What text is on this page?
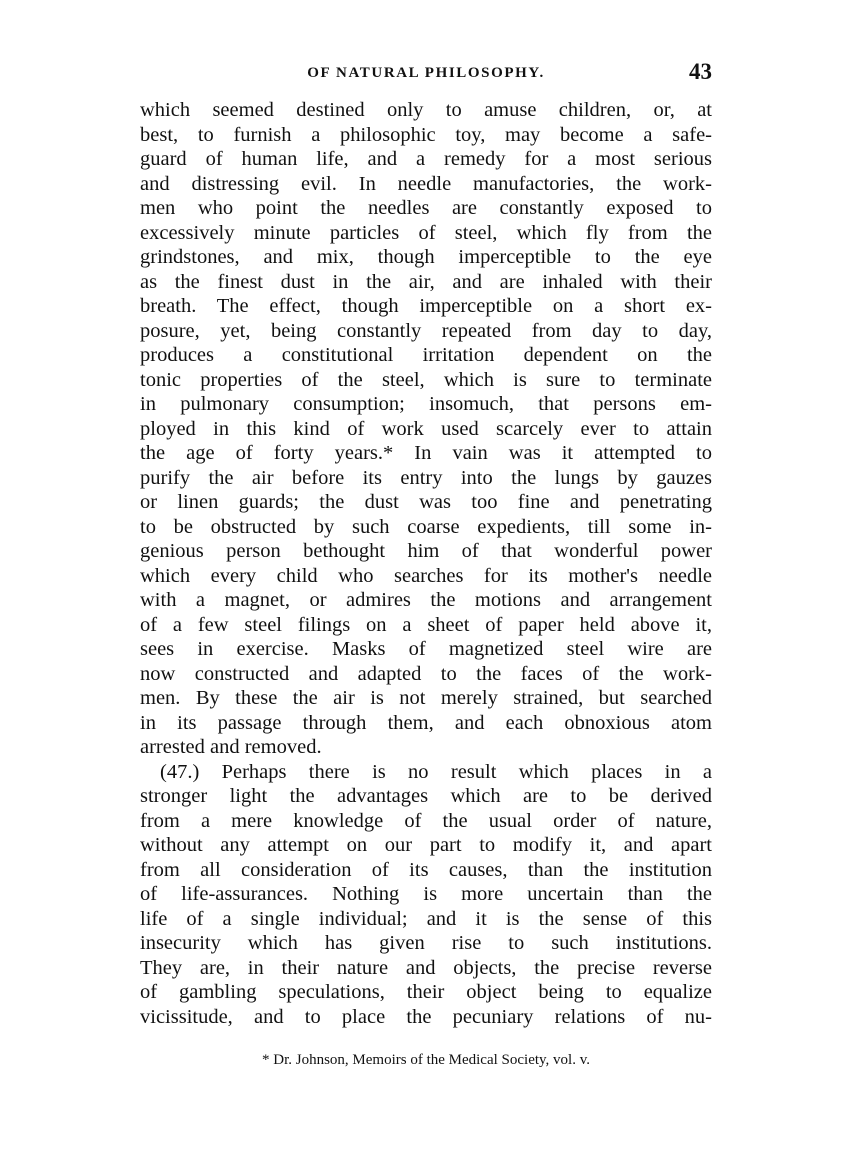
OF NATURAL PHILOSOPHY.	43
which seemed destined only to amuse children, or, at
best, to furnish a philosophic toy, may become a safe-
guard of human life, and a remedy for a most serious
and distressing evil. In needle manufactories, the work-
men who point the needles are constantly exposed to
excessively minute particles of steel, which fly from the
grindstones, and mix, though imperceptible to the eye
as the finest dust in the air, and are inhaled with their
breath. The effect, though imperceptible on a short ex-
posure, yet, being constantly repeated from day to day,
produces a constitutional irritation dependent on the
tonic properties of the steel, which is sure to terminate
in pulmonary consumption; insomuch, that persons em-
ployed in this kind of work used scarcely ever to attain
the age of forty years.* In vain was it attempted to
purify the air before its entry into the lungs by gauzes
or linen guards; the dust was too fine and penetrating
to be obstructed by such coarse expedients, till some in-
genious person bethought him of that wonderful power
which every child who searches for its mother's needle
with a magnet, or admires the motions and arrangement
of a few steel filings on a sheet of paper held above it,
sees in exercise. Masks of magnetized steel wire are
now constructed and adapted to the faces of the work-
men. By these the air is not merely strained, but searched
in its passage through them, and each obnoxious atom
arrested and removed.
(47.) Perhaps there is no result which places in a
stronger light the advantages which are to be derived
from a mere knowledge of the usual order of nature,
without any attempt on our part to modify it, and apart
from all consideration of its causes, than the institution
of life-assurances. Nothing is more uncertain than the
life of a single individual; and it is the sense of this
insecurity which has given rise to such institutions.
They are, in their nature and objects, the precise reverse
of gambling speculations, their object being to equalize
vicissitude, and to place the pecuniary relations of nu-
* Dr. Johnson, Memoirs of the Medical Society, vol. v.
